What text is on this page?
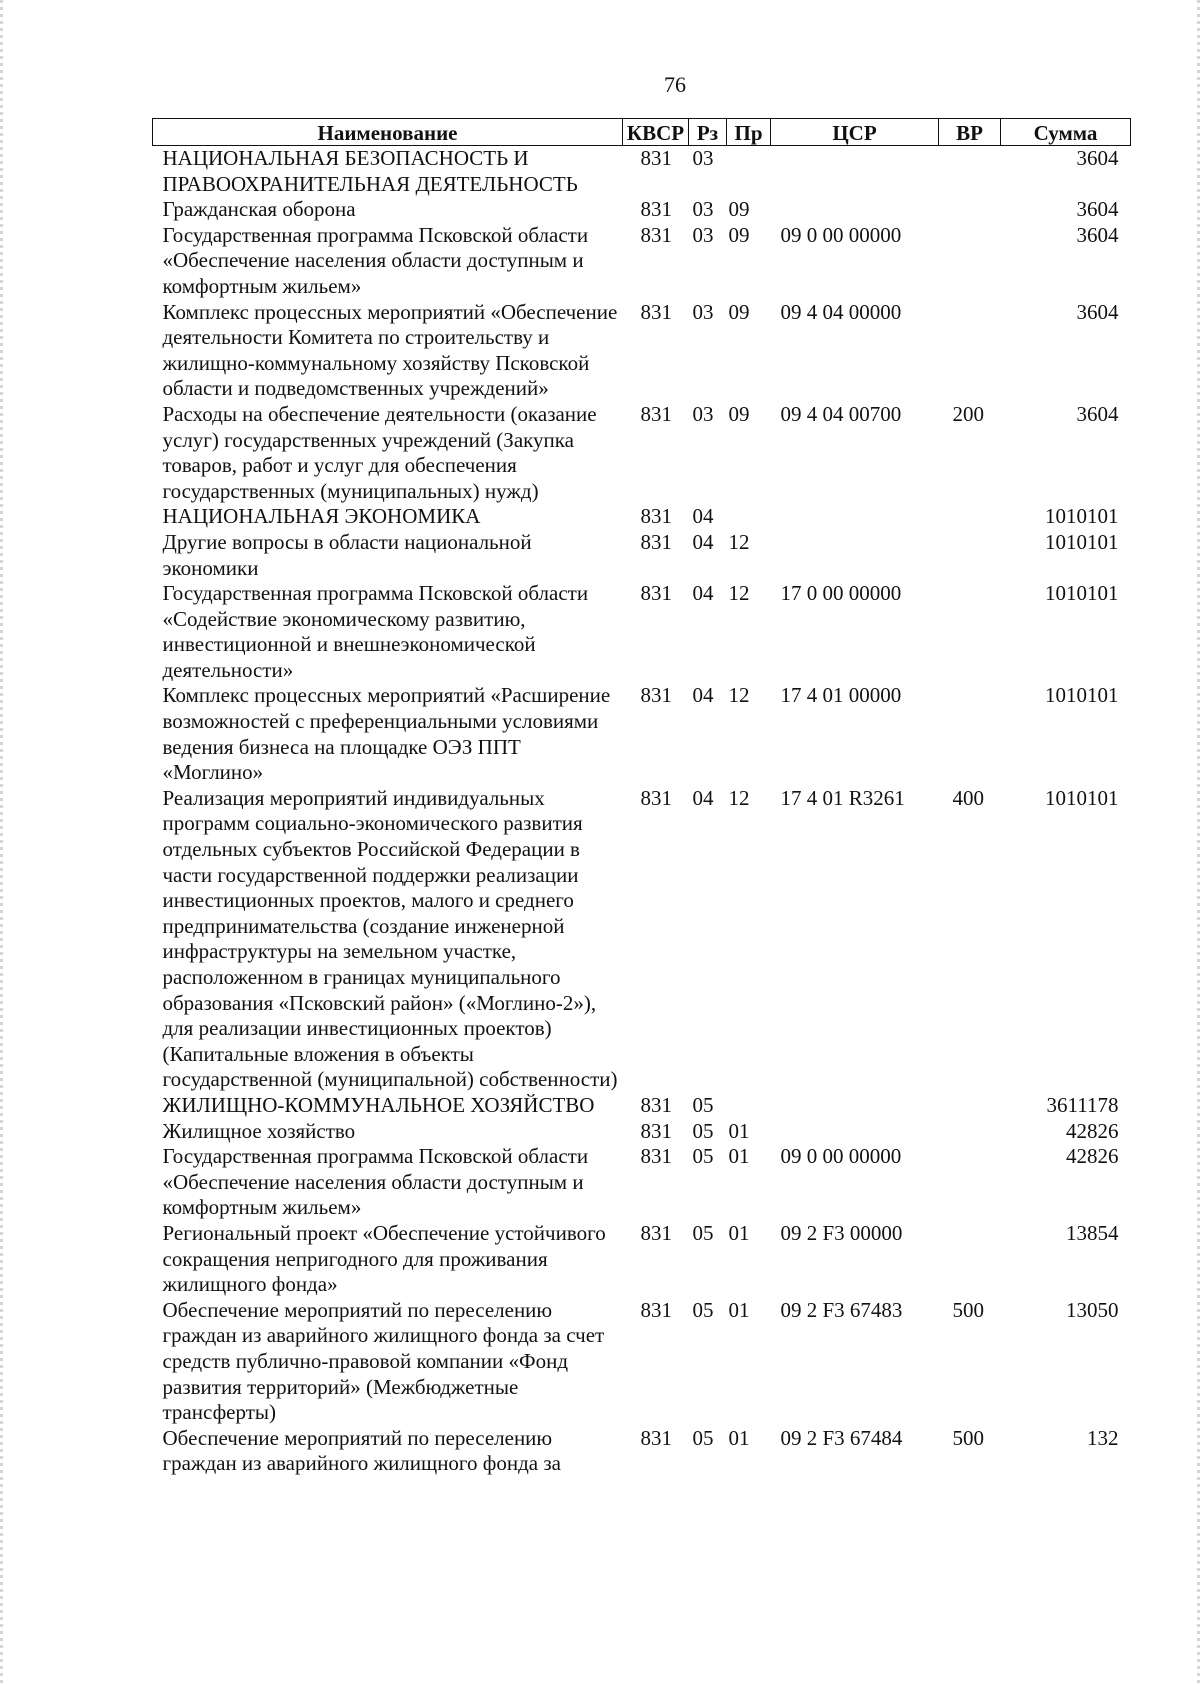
76
Наименование	КВСР	Рз	Пр	ЦСР	ВР	Сумма
НАЦИОНАЛЬНАЯ БЕЗОПАСНОСТЬ И ПРАВООХРАНИТЕЛЬНАЯ ДЕЯТЕЛЬНОСТЬ	831	03				3604
Гражданская оборона	831	03	09			3604
Государственная программа Псковской области «Обеспечение населения области доступным и комфортным жильем»	831	03	09	09 0 00 00000		3604
Комплекс процессных мероприятий «Обеспечение деятельности Комитета по строительству и жилищно-коммунальному хозяйству Псковской области и подведомственных учреждений»	831	03	09	09 4 04 00000		3604
Расходы на обеспечение деятельности (оказание услуг) государственных учреждений (Закупка товаров, работ и услуг для обеспечения государственных (муниципальных) нужд)	831	03	09	09 4 04 00700	200	3604
НАЦИОНАЛЬНАЯ ЭКОНОМИКА	831	04				1010101
Другие вопросы в области национальной экономики	831	04	12			1010101
Государственная программа Псковской области «Содействие экономическому развитию, инвестиционной и внешнеэкономической деятельности»	831	04	12	17 0 00 00000		1010101
Комплекс процессных мероприятий «Расширение возможностей с преференциальными условиями ведения бизнеса на площадке ОЭЗ ППТ «Моглино»	831	04	12	17 4 01 00000		1010101
Реализация мероприятий индивидуальных программ социально-экономического развития отдельных субъектов Российской Федерации в части государственной поддержки реализации инвестиционных проектов, малого и среднего предпринимательства (создание инженерной инфраструктуры на земельном участке, расположенном в границах муниципального образования «Псковский район» («Моглино-2»), для реализации инвестиционных проектов) (Капитальные вложения в объекты государственной (муниципальной) собственности)	831	04	12	17 4 01 R3261	400	1010101
ЖИЛИЩНО-КОММУНАЛЬНОЕ ХОЗЯЙСТВО	831	05				3611178
Жилищное хозяйство	831	05	01			42826
Государственная программа Псковской области «Обеспечение населения области доступным и комфортным жильем»	831	05	01	09 0 00 00000		42826
Региональный проект «Обеспечение устойчивого сокращения непригодного для проживания жилищного фонда»	831	05	01	09 2 F3 00000		13854
Обеспечение мероприятий по переселению граждан из аварийного жилищного фонда за счет средств публично-правовой компании «Фонд развития территорий» (Межбюджетные трансферты)	831	05	01	09 2 F3 67483	500	13050
Обеспечение мероприятий по переселению граждан из аварийного жилищного фонда за	831	05	01	09 2 F3 67484	500	132
